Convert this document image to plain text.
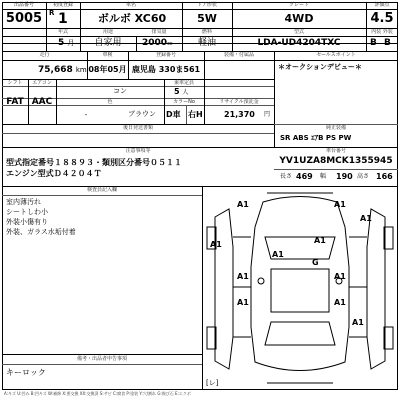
出品番号	初度登録	車名	ドア形状	グレード	評価点
5005 R 1	ボルボ XC60	5W	4WD	4.5
年式	用途	排気量	燃料	型式	内装 外装
5 月	自家用	2000cc	軽油	LDA-UD4204TXC	B B
走行	車検	登録番号	装備・付属品	セールスポイント
75,668 km 08年05月 鹿児島 330ま561	＊オークションデビュー＊
シフト	エアコン	乗車定員
FAT AAC
コン	5 人
色	カラーNo	リサイクル預託金
-	ブラウン	D車 右H	21,370 円
後日発送書類	純正装備
SR ABS ｴｱB PS PW
車台番号
YV1UZA8MCK1355945
長さ 469 幅 190 高さ 166
注意事項等
型式指定番号１８８９３・類別区分番号０５１１
エンジン型式Ｄ４２０４Ｔ
検査員記入欄
室内薄汚れ
シートしわ小
外装小傷有り
外装、ガラス水垢付着
備考・出品者申告事項
キーロック
A1	A1
A1
A1
A1
A1
G
A1	A1
A1	A1
A1
[レ]
A:キズ U:凹み B:凹キズ W:補修 X:要交換 XX:交換済 S:サビ C:腐食 P:塗装 Y:穴/割れ G:飛び石 E:エクボ
